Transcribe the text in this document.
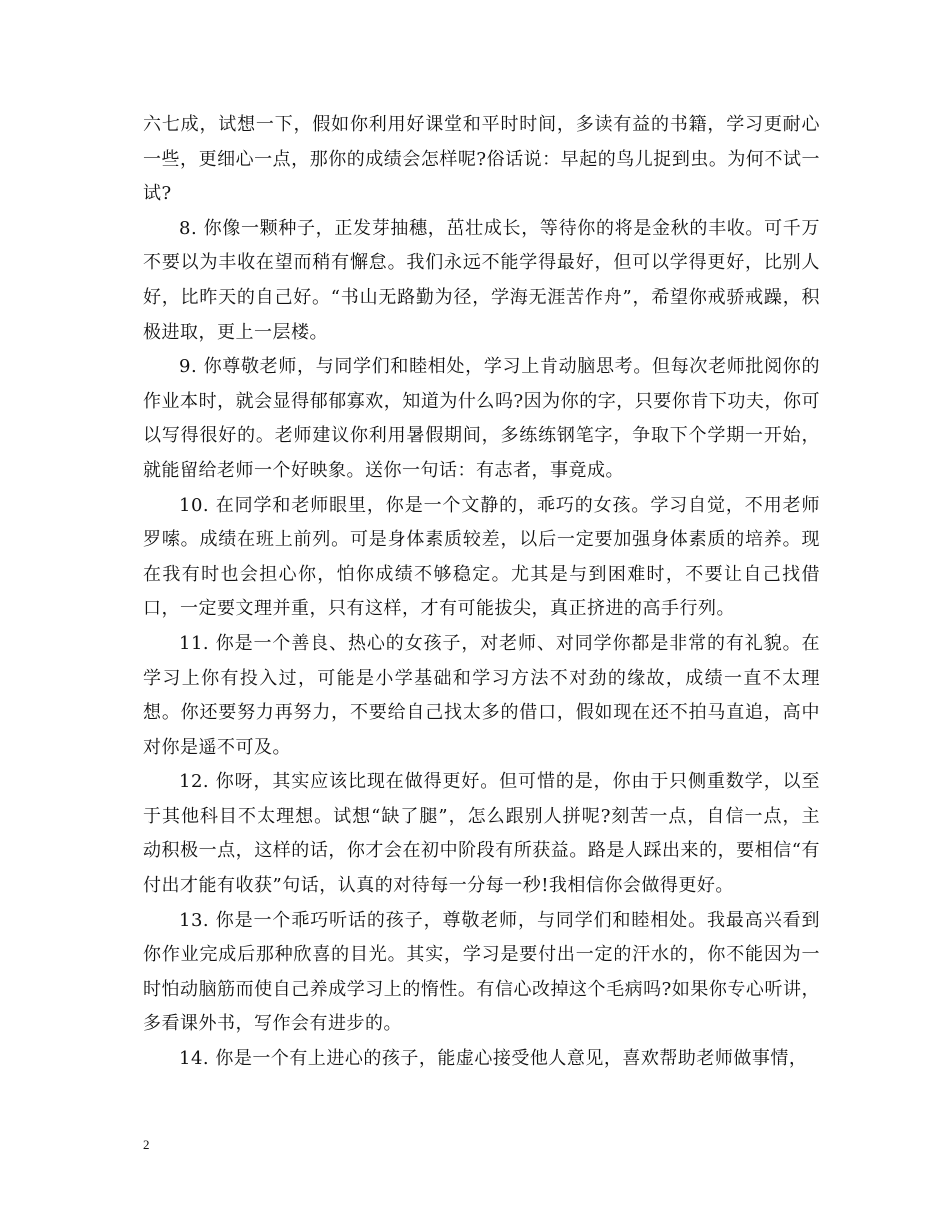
六七成，试想一下，假如你利用好课堂和平时时间，多读有益的书籍，学习更耐心一些，更细心一点，那你的成绩会怎样呢?俗话说：早起的鸟儿捉到虫。为何不试一试?

8. 你像一颗种子，正发芽抽穗，茁壮成长，等待你的将是金秋的丰收。可千万不要以为丰收在望而稍有懈怠。我们永远不能学得最好，但可以学得更好，比别人好，比昨天的自己好。“书山无路勤为径，学海无涯苦作舟”，希望你戒骄戒躁，积极进取，更上一层楼。

9. 你尊敬老师，与同学们和睦相处，学习上肯动脑思考。但每次老师批阅你的作业本时，就会显得郁郁寡欢，知道为什么吗?因为你的字，只要你肯下功夫，你可以写得很好的。老师建议你利用暑假期间，多练练钢笔字，争取下个学期一开始，就能留给老师一个好映象。送你一句话：有志者，事竟成。

10. 在同学和老师眼里，你是一个文静的，乖巧的女孩。学习自觉，不用老师罗嗦。成绩在班上前列。可是身体素质较差，以后一定要加强身体素质的培养。现在我有时也会担心你，怕你成绩不够稳定。尤其是与到困难时，不要让自己找借口，一定要文理并重，只有这样，才有可能拔尖，真正挤进的高手行列。

11. 你是一个善良、热心的女孩子，对老师、对同学你都是非常的有礼貌。在学习上你有投入过，可能是小学基础和学习方法不对劲的缘故，成绩一直不太理想。你还要努力再努力，不要给自己找太多的借口，假如现在还不拍马直追，高中对你是遥不可及。

12. 你呀，其实应该比现在做得更好。但可惜的是，你由于只侧重数学，以至于其他科目不太理想。试想“缺了腿”，怎么跟别人拼呢?刻苦一点，自信一点，主动积极一点，这样的话，你才会在初中阶段有所获益。路是人踩出来的，要相信“有付出才能有收获”句话，认真的对待每一分每一秒!我相信你会做得更好。

13. 你是一个乖巧听话的孩子，尊敬老师，与同学们和睦相处。我最高兴看到你作业完成后那种欣喜的目光。其实，学习是要付出一定的汗水的，你不能因为一时怕动脑筋而使自己养成学习上的惰性。有信心改掉这个毛病吗?如果你专心听讲，多看课外书，写作会有进步的。

14. 你是一个有上进心的孩子，能虚心接受他人意见，喜欢帮助老师做事情，

2
